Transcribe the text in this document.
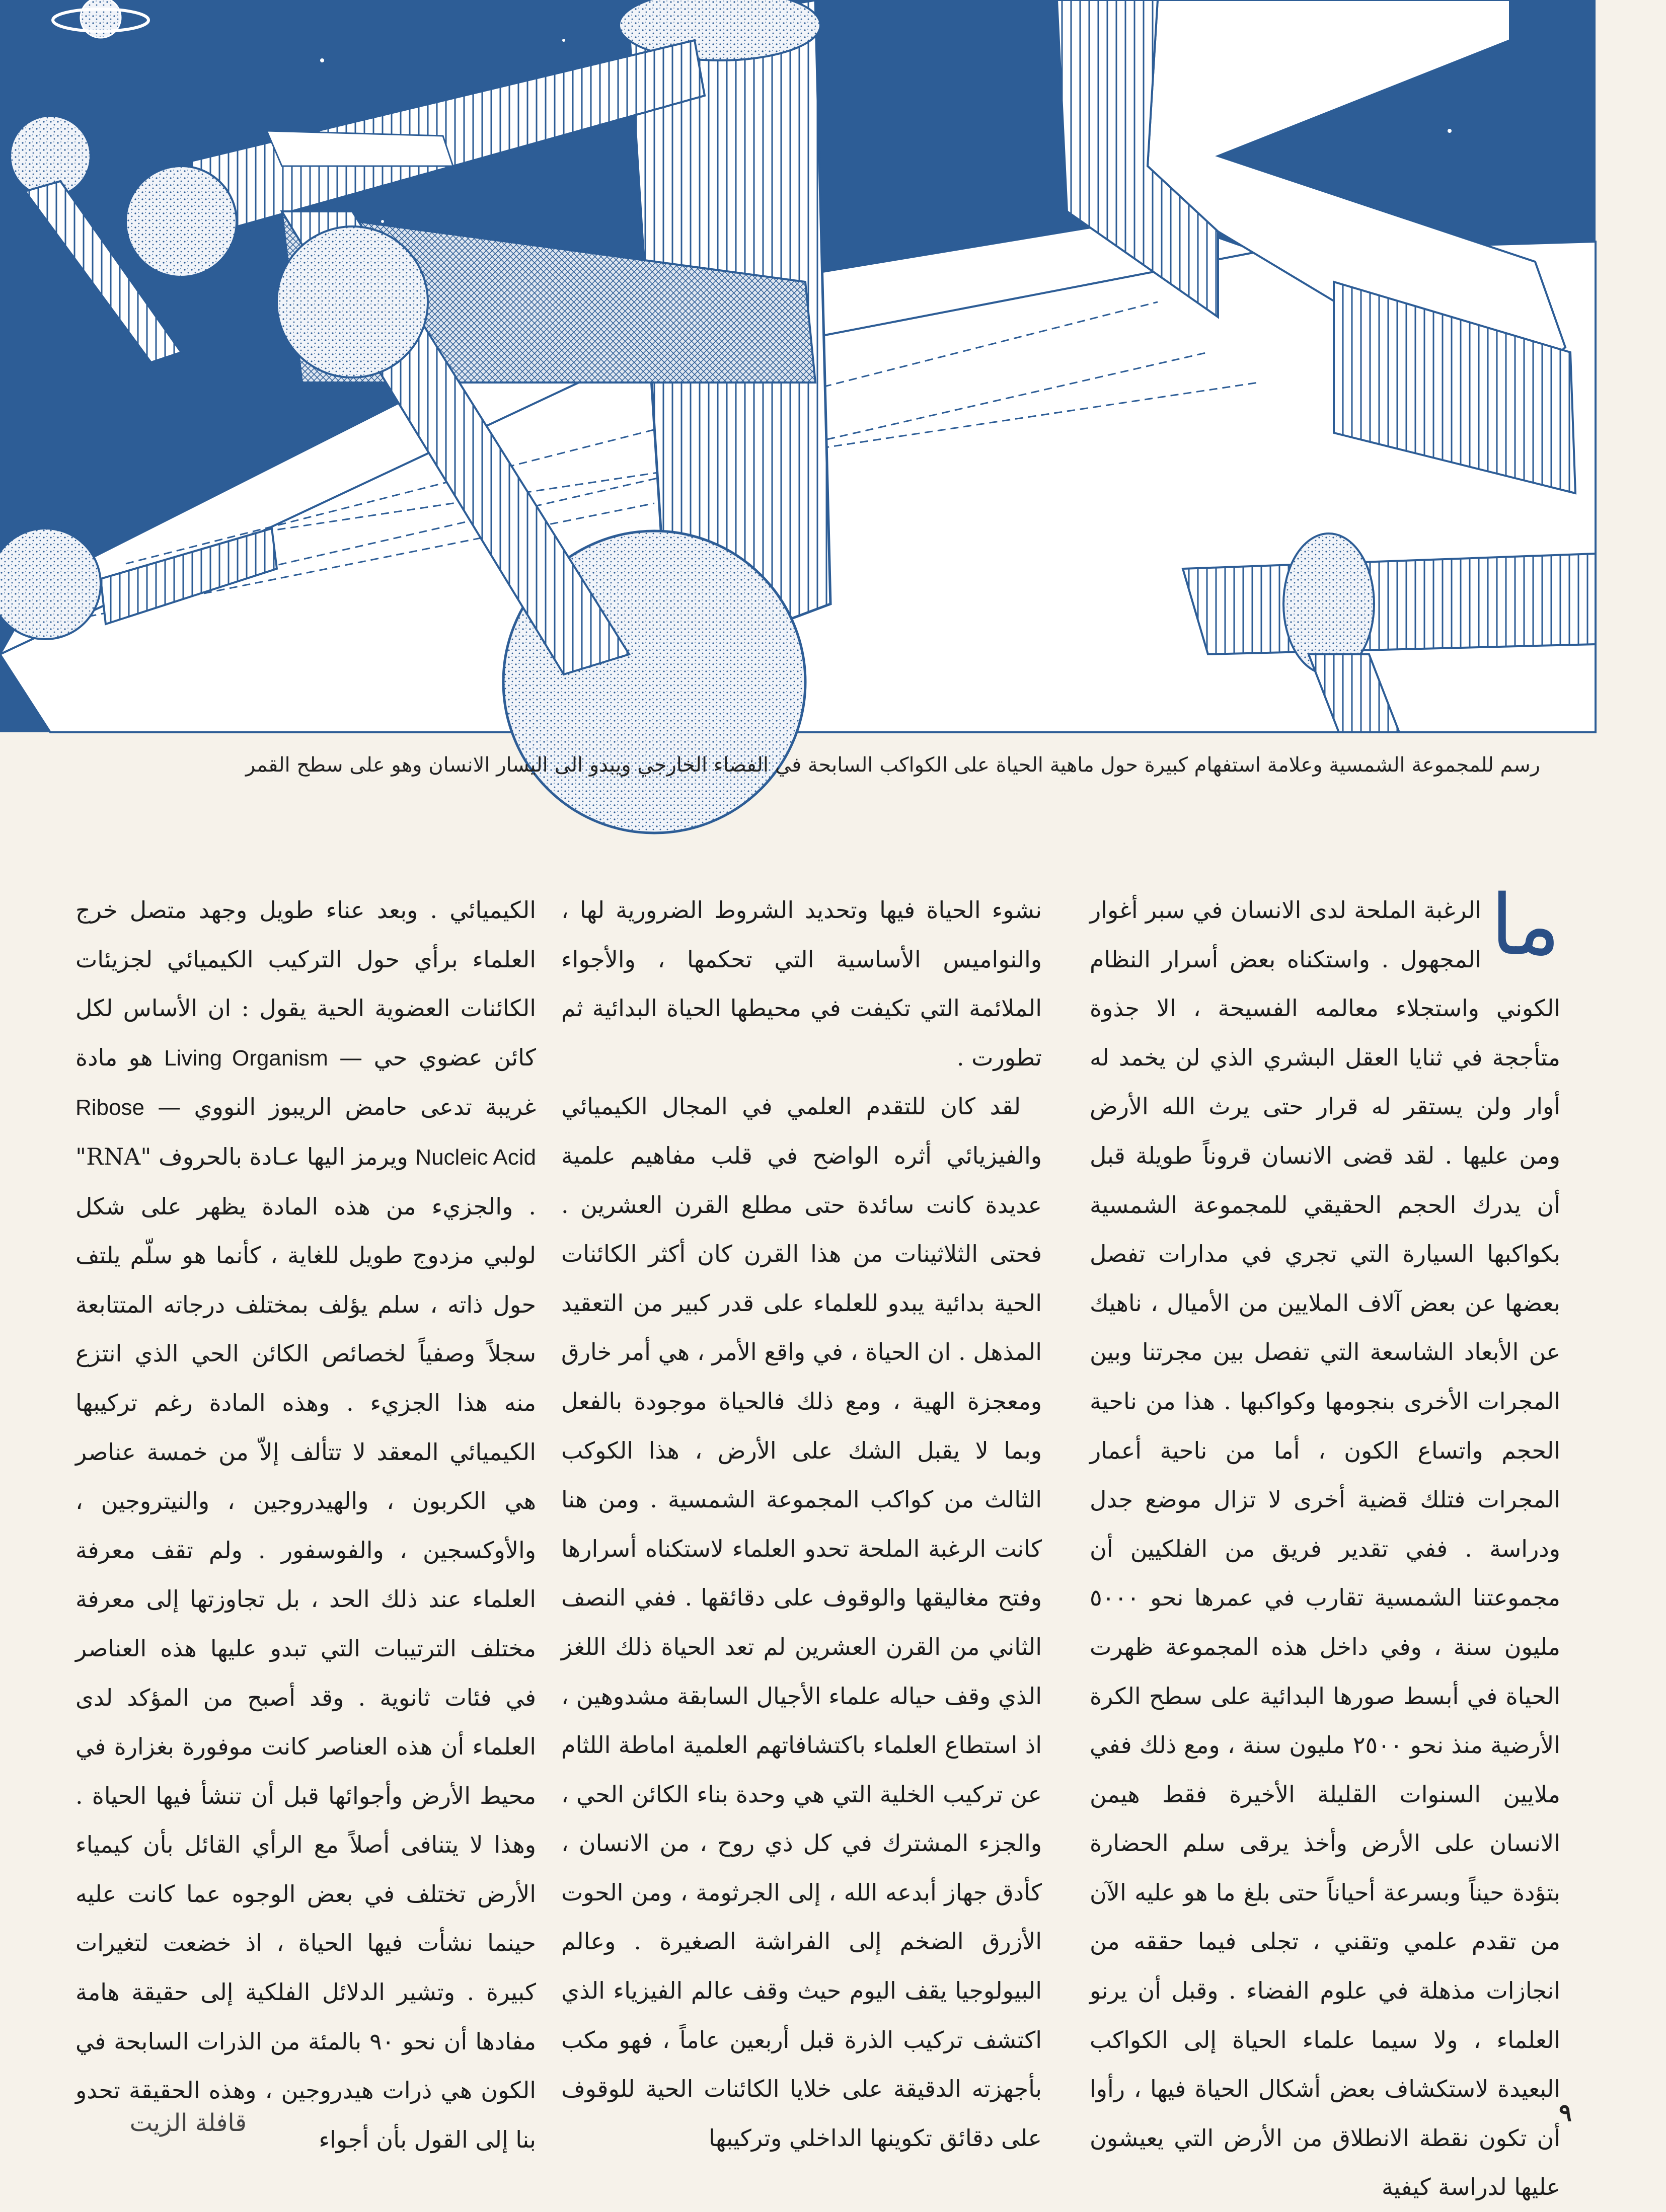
رسم للمجموعة الشمسية وعلامة استفهام كبيرة حول ماهية الحياة على الكواكب السابحة في الفضاء الخارجي ويبدو الى اليسار الانسان وهو على سطح القمر
ما

الرغبة الملحة لدى الانسان في سبر أغوار المجهول . واستكناه بعض أسرار النظام الكوني واستجلاء معالمه الفسيحة ، الا جذوة متأججة في ثنايا العقل البشري الذي لن يخمد له أوار ولن يستقر له قرار حتى يرث الله الأرض ومن عليها . لقد قضى الانسان قروناً طويلة قبل أن يدرك الحجم الحقيقي للمجموعة الشمسية بكواكبها السيارة التي تجري في مدارات تفصل بعضها عن بعض آلاف الملايين من الأميال ، ناهيك عن الأبعاد الشاسعة التي تفصل بين مجرتنا وبين المجرات الأخرى بنجومها وكواكبها . هذا من ناحية الحجم واتساع الكون ، أما من ناحية أعمار المجرات فتلك قضية أخرى لا تزال موضع جدل ودراسة . ففي تقدير فريق من الفلكيين أن مجموعتنا الشمسية تقارب في عمرها نحو ٥٠٠٠ مليون سنة ، وفي داخل هذه المجموعة ظهرت الحياة في أبسط صورها البدائية على سطح الكرة الأرضية منذ نحو ٢٥٠٠ مليون سنة ، ومع ذلك ففي ملايين السنوات القليلة الأخيرة فقط هيمن الانسان على الأرض وأخذ يرقى سلم الحضارة بتؤدة حيناً وبسرعة أحياناً حتى بلغ ما هو عليه الآن من تقدم علمي وتقني ، تجلى فيما حققه من انجازات مذهلة في علوم الفضاء . وقبل أن يرنو العلماء ، ولا سيما علماء الحياة إلى الكواكب البعيدة لاستكشاف بعض أشكال الحياة فيها ، رأوا أن تكون نقطة الانطلاق من الأرض التي يعيشون عليها لدراسة كيفية

نشوء الحياة فيها وتحديد الشروط الضرورية لها ، والنواميس الأساسية التي تحكمها ، والأجواء الملائمة التي تكيفت في محيطها الحياة البدائية ثم تطورت .

لقد كان للتقدم العلمي في المجال الكيميائي والفيزيائي أثره الواضح في قلب مفاهيم علمية عديدة كانت سائدة حتى مطلع القرن العشرين . فحتى الثلاثينات من هذا القرن كان أكثر الكائنات الحية بدائية يبدو للعلماء على قدر كبير من التعقيد المذهل . ان الحياة ، في واقع الأمر ، هي أمر خارق ومعجزة الهية ، ومع ذلك فالحياة موجودة بالفعل وبما لا يقبل الشك على الأرض ، هذا الكوكب الثالث من كواكب المجموعة الشمسية . ومن هنا كانت الرغبة الملحة تحدو العلماء لاستكناه أسرارها وفتح مغاليقها والوقوف على دقائقها . ففي النصف الثاني من القرن العشرين لم تعد الحياة ذلك اللغز الذي وقف حياله علماء الأجيال السابقة مشدوهين ، اذ استطاع العلماء باكتشافاتهم العلمية اماطة اللثام عن تركيب الخلية التي هي وحدة بناء الكائن الحي ، والجزء المشترك في كل ذي روح ، من الانسان ، كأدق جهاز أبدعه الله ، إلى الجرثومة ، ومن الحوت الأزرق الضخم إلى الفراشة الصغيرة . وعالم البيولوجيا يقف اليوم حيث وقف عالم الفيزياء الذي اكتشف تركيب الذرة قبل أربعين عاماً ، فهو مكب بأجهزته الدقيقة على خلايا الكائنات الحية للوقوف على دقائق تكوينها الداخلي وتركيبها

الكيميائي . وبعد عناء طويل وجهد متصل خرج العلماء برأي حول التركيب الكيميائي لجزيئات الكائنات العضوية الحية يقول : ان الأساس لكل كائن عضوي حي — Living Organism هو مادة غريبة تدعى حامض الريبوز النووي — Ribose Nucleic Acid ويرمز اليها عـادة بالحروف "RNA" . والجزيء من هذه المادة يظهر على شكل لولبي مزدوج طويل للغاية ، كأنما هو سلّم يلتف حول ذاته ، سلم يؤلف بمختلف درجاته المتتابعة سجلاً وصفياً لخصائص الكائن الحي الذي انتزع منه هذا الجزيء . وهذه المادة رغم تركيبها الكيميائي المعقد لا تتألف إلاّ من خمسة عناصر هي الكربون ، والهيدروجين ، والنيتروجين ، والأوكسجين ، والفوسفور . ولم تقف معرفة العلماء عند ذلك الحد ، بل تجاوزتها إلى معرفة مختلف الترتيبات التي تبدو عليها هذه العناصر في فئات ثانوية . وقد أصبح من المؤكد لدى العلماء أن هذه العناصر كانت موفورة بغزارة في محيط الأرض وأجوائها قبل أن تنشأ فيها الحياة . وهذا لا يتنافى أصلاً مع الرأي القائل بأن كيمياء الأرض تختلف في بعض الوجوه عما كانت عليه حينما نشأت فيها الحياة ، اذ خضعت لتغيرات كبيرة . وتشير الدلائل الفلكية إلى حقيقة هامة مفادها أن نحو ٩٠ بالمئة من الذرات السابحة في الكون هي ذرات هيدروجين ، وهذه الحقيقة تحدو بنا إلى القول بأن أجواء

٩
قافلة الزيت
